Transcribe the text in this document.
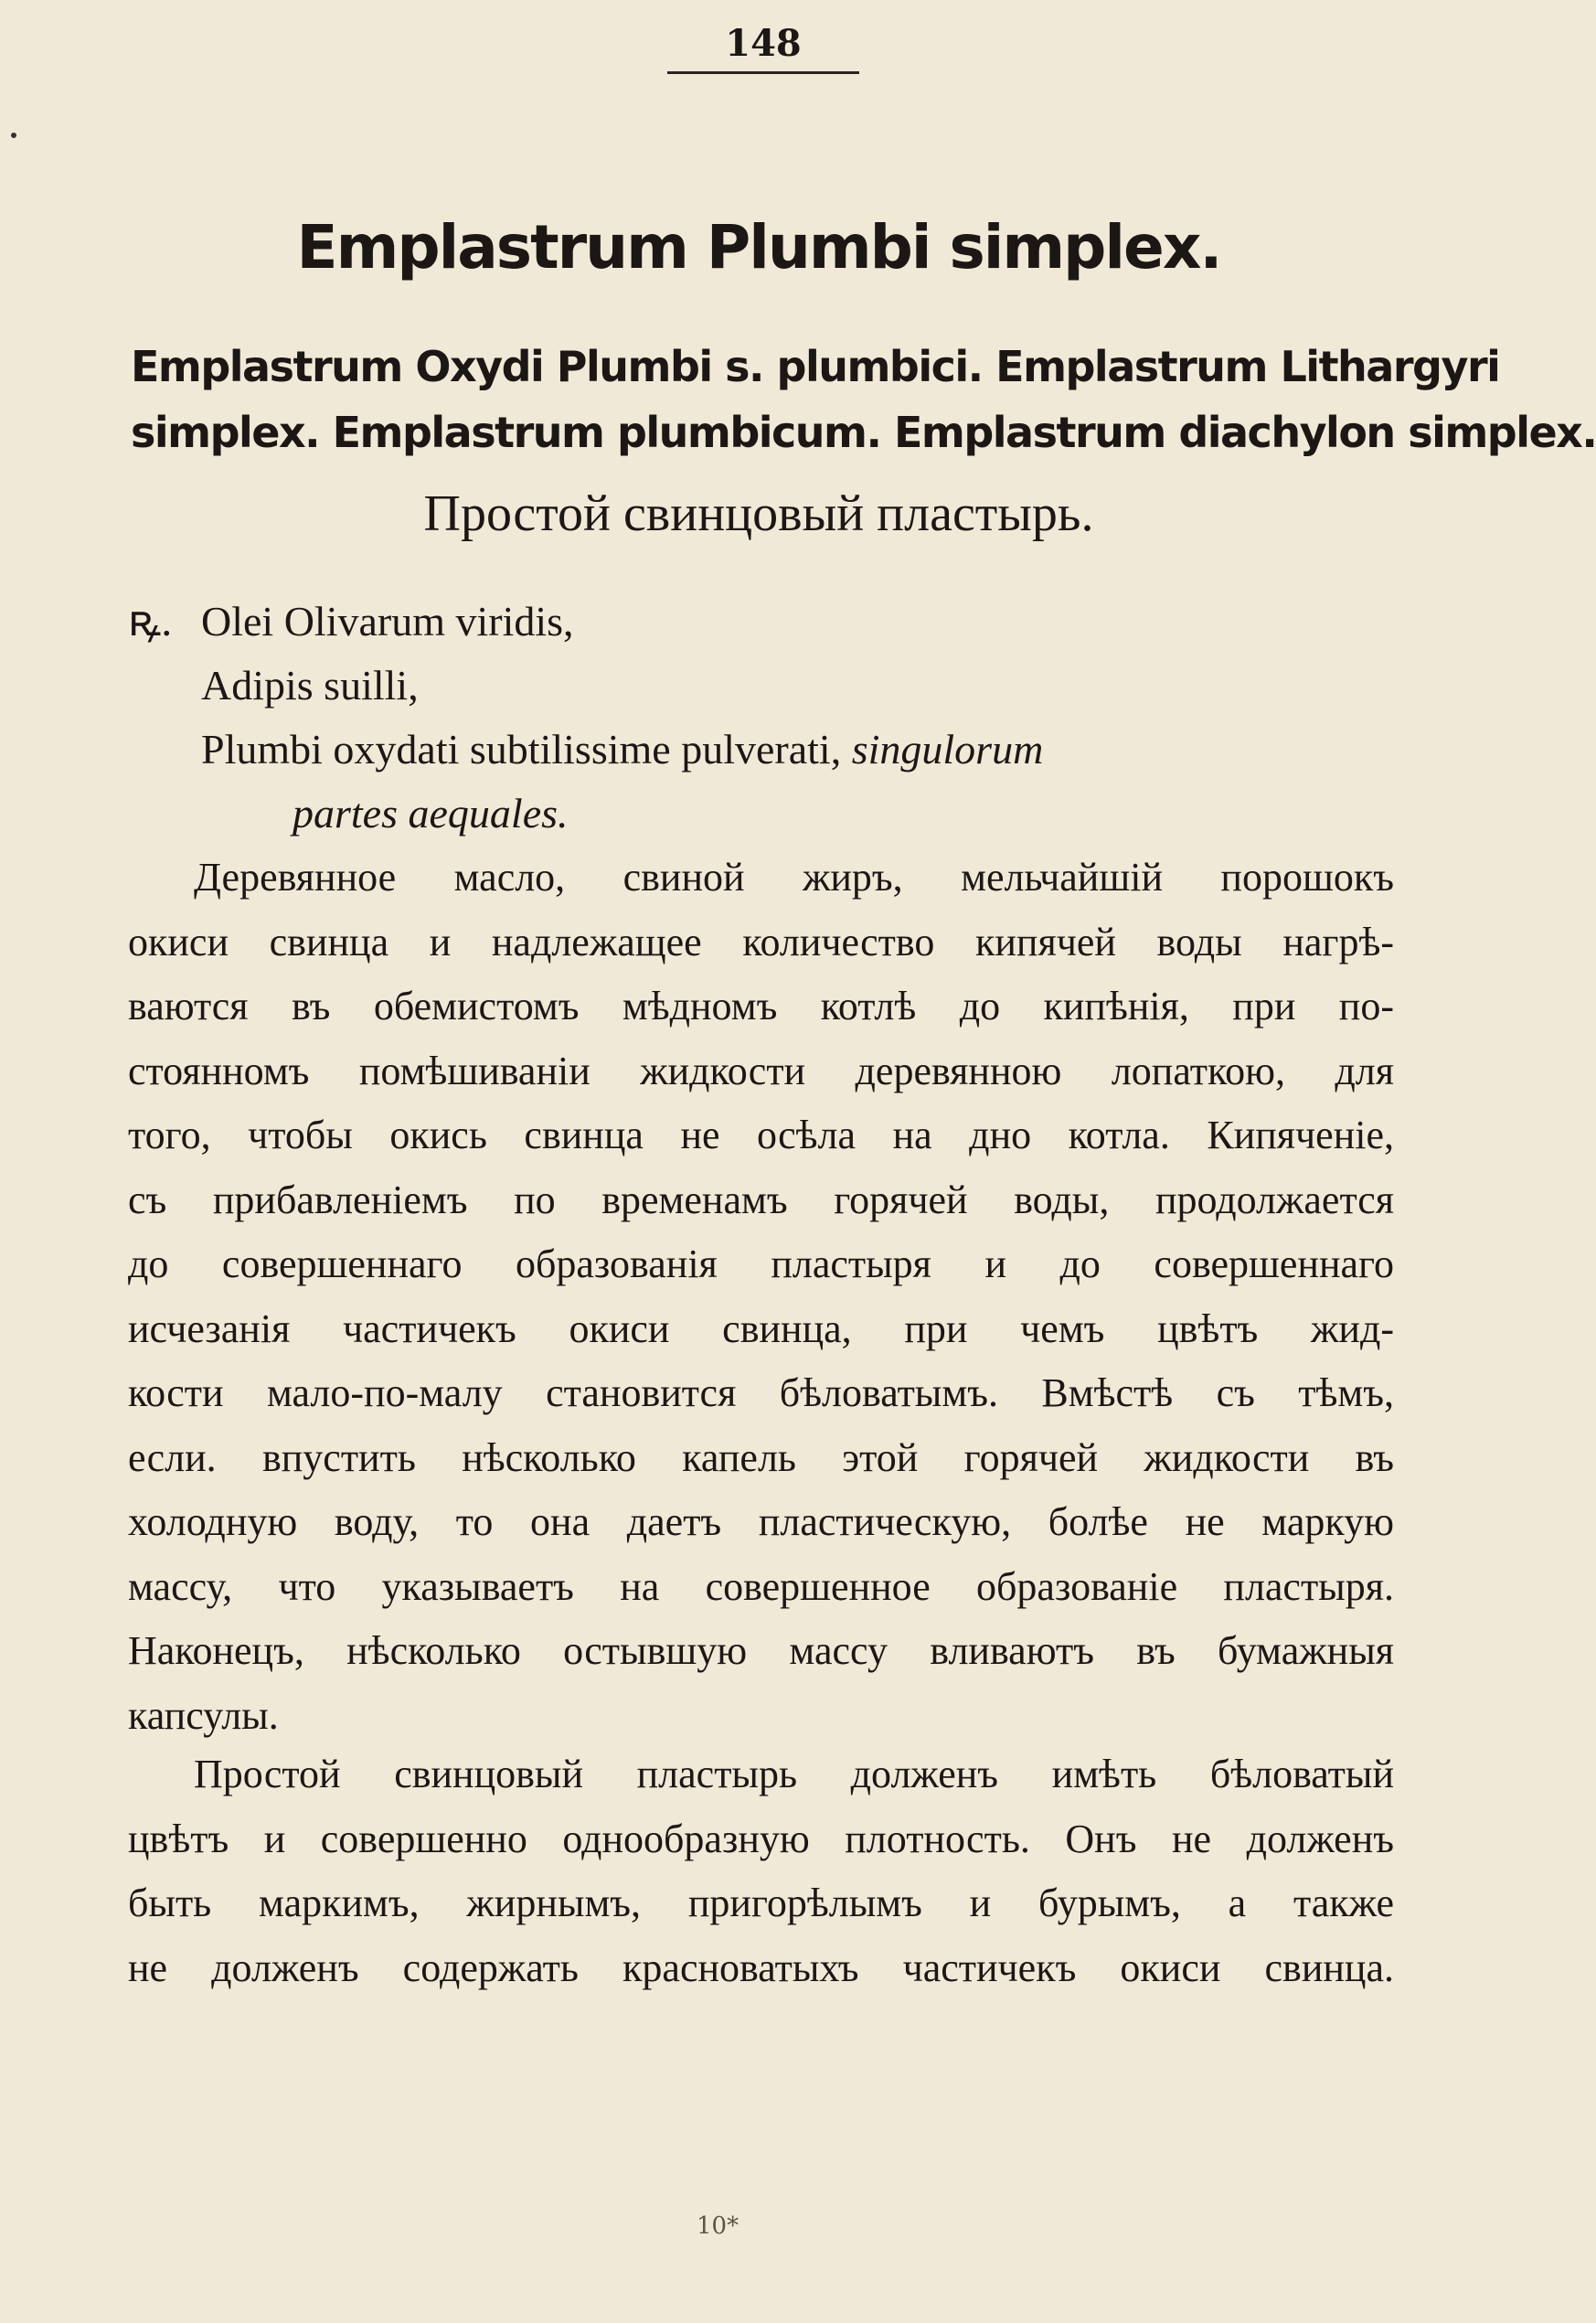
148
Emplastrum Plumbi simplex.
Emplastrum Oxydi Plumbi s. plumbici. Emplastrum Lithargyri
simplex. Emplastrum plumbicum. Emplastrum diachylon simplex.
Простой свинцовый пластырь.
ꝶ. Olei Olivarum viridis,
Adipis suilli,
Plumbi oxydati subtilissime pulverati, singulorum
partes aequales.
Деревянное масло, свиной жиръ, мельчайшій порошокъ
окиси свинца и надлежащее количество кипячей воды нагрѣ-
ваются въ обемистомъ мѣдномъ котлѣ до кипѣнія, при по-
стоянномъ помѣшиваніи жидкости деревянною лопаткою, для
того, чтобы окись свинца не осѣла на дно котла. Кипяченіе,
съ прибавленіемъ по временамъ горячей воды, продолжается
до совершеннаго образованія пластыря и до совершеннаго
исчезанія частичекъ окиси свинца, при чемъ цвѣтъ жид-
кости мало-по-малу становится бѣловатымъ. Вмѣстѣ съ тѣмъ,
если. впустить нѣсколько капель этой горячей жидкости въ
холодную воду, то она даетъ пластическую, болѣе не маркую
массу, что указываетъ на совершенное образованіе пластыря.
Наконецъ, нѣсколько остывшую массу вливаютъ въ бумажныя
капсулы.
Простой свинцовый пластырь долженъ имѣть бѣловатый
цвѣтъ и совершенно однообразную плотность. Онъ не долженъ
быть маркимъ, жирнымъ, пригорѣлымъ и бурымъ, а также
не долженъ содержать красноватыхъ частичекъ окиси свинца.
10*
